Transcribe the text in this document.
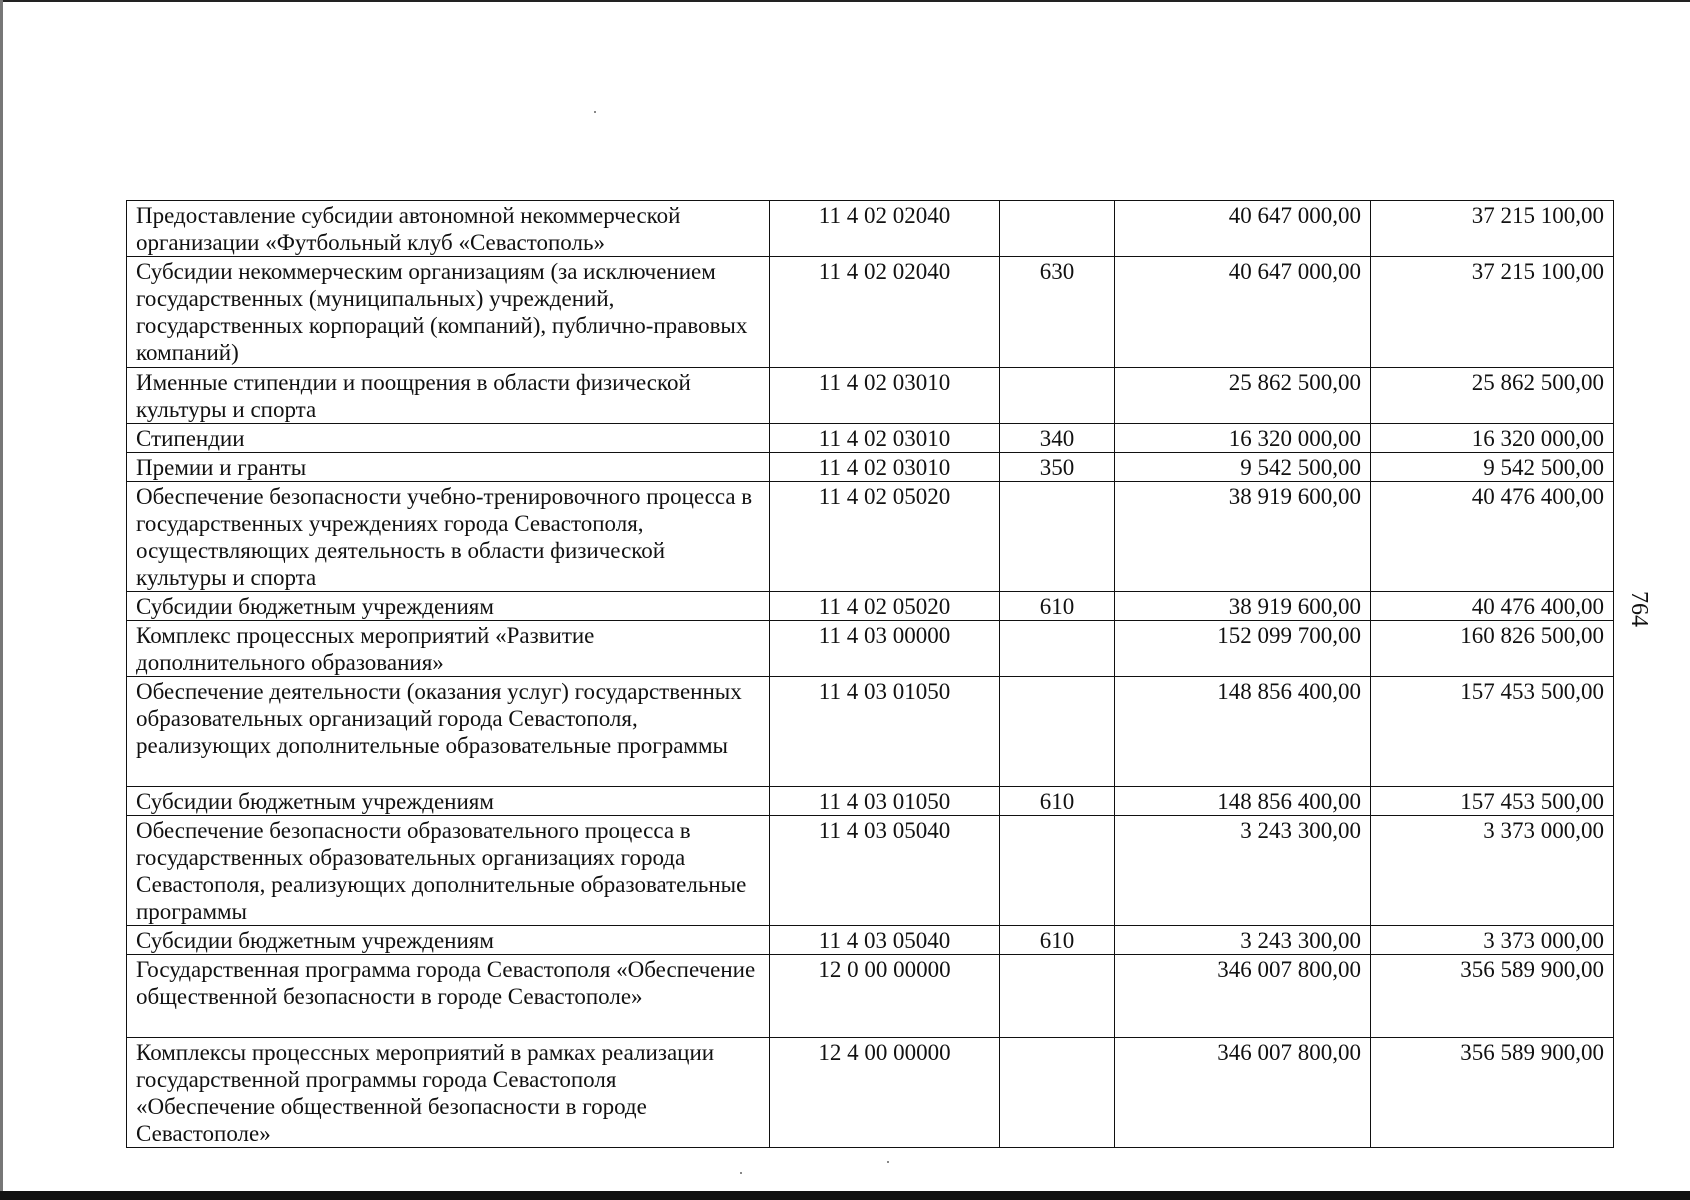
764
Предоставление субсидии автономной некоммерческой организации «Футбольный клуб «Севастополь»	11 4 02 02040		40 647 000,00	37 215 100,00
Субсидии некоммерческим организациям (за исключением государственных (муниципальных) учреждений, государственных корпораций (компаний), публично-правовых компаний)	11 4 02 02040	630	40 647 000,00	37 215 100,00
Именные стипендии и поощрения в области физической культуры и спорта	11 4 02 03010		25 862 500,00	25 862 500,00
Стипендии	11 4 02 03010	340	16 320 000,00	16 320 000,00
Премии и гранты	11 4 02 03010	350	9 542 500,00	9 542 500,00
Обеспечение безопасности учебно-тренировочного процесса в государственных учреждениях города Севастополя, осуществляющих деятельность в области физической культуры и спорта	11 4 02 05020		38 919 600,00	40 476 400,00
Субсидии бюджетным учреждениям	11 4 02 05020	610	38 919 600,00	40 476 400,00
Комплекс процессных мероприятий «Развитие дополнительного образования»	11 4 03 00000		152 099 700,00	160 826 500,00
Обеспечение деятельности (оказания услуг) государственных образовательных организаций города Севастополя, реализующих дополнительные образовательные программы	11 4 03 01050		148 856 400,00	157 453 500,00
Субсидии бюджетным учреждениям	11 4 03 01050	610	148 856 400,00	157 453 500,00
Обеспечение безопасности образовательного процесса в государственных образовательных организациях города Севастополя, реализующих дополнительные образовательные программы	11 4 03 05040		3 243 300,00	3 373 000,00
Субсидии бюджетным учреждениям	11 4 03 05040	610	3 243 300,00	3 373 000,00
Государственная программа города Севастополя «Обеспечение общественной безопасности в городе Севастополе»	12 0 00 00000		346 007 800,00	356 589 900,00
Комплексы процессных мероприятий в рамках реализации государственной программы города Севастополя «Обеспечение общественной безопасности в городе Севастополе»	12 4 00 00000		346 007 800,00	356 589 900,00
